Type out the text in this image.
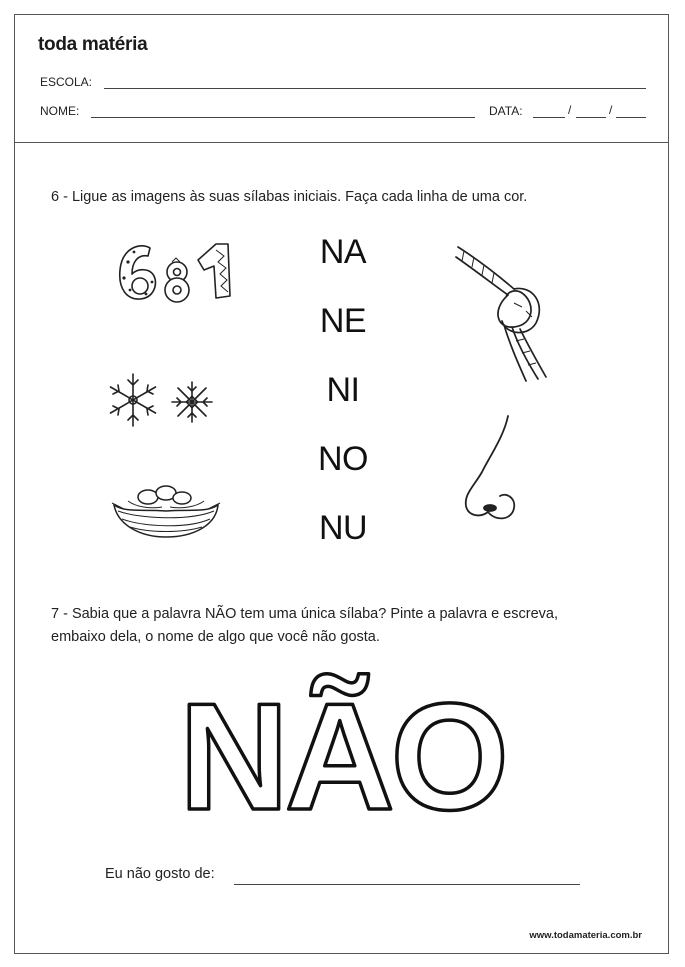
toda matéria
ESCOLA:
NOME:	DATA:	/	/
6 - Ligue as imagens às suas sílabas iniciais. Faça cada linha de uma cor.
NA
NE
NI
NO
NU
7 - Sabia que a palavra NÃO tem uma única sílaba? Pinte a palavra e escreva,
embaixo dela, o nome de algo que você não gosta.
NÃO
Eu não gosto de:
www.todamateria.com.br
